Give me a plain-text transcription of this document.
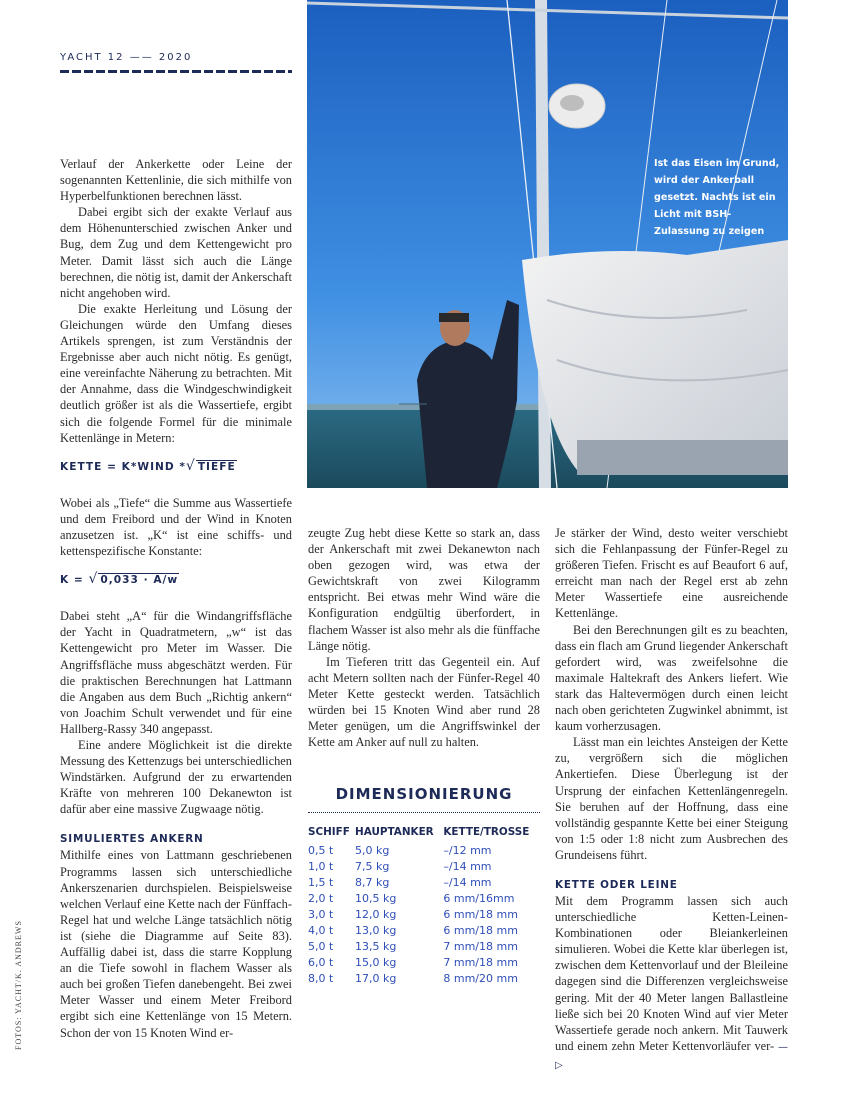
YACHT 12 —— 2020
Ist das Eisen im Grund, wird der Ankerball gesetzt. Nachts ist ein Licht mit BSH-Zulassung zu zeigen

Verlauf der Ankerkette oder Leine der sogenannten Kettenlinie, die sich mithilfe von Hyperbelfunktionen berechnen lässt.

Dabei ergibt sich der exakte Verlauf aus dem Höhenunterschied zwischen Anker und Bug, dem Zug und dem Kettengewicht pro Meter. Damit lässt sich auch die Länge berechnen, die nötig ist, damit der Ankerschaft nicht angehoben wird.

Die exakte Herleitung und Lösung der Gleichungen würde den Umfang dieses Artikels sprengen, ist zum Verständnis der Ergebnisse aber auch nicht nötig. Es genügt, eine vereinfachte Näherung zu betrachten. Mit der Annahme, dass die Windgeschwindigkeit deutlich größer ist als die Wassertiefe, ergibt sich die folgende Formel für die minimale Kettenlänge in Metern:

KETTE = K*WIND *√ TIEFE

Wobei als „Tiefe“ die Summe aus Wassertiefe und dem Freibord und der Wind in Knoten anzusetzen ist. „K“ ist eine schiffs- und kettenspezifische Konstante:

K = √ 0,033 · A/w

Dabei steht „A“ für die Windangriffsfläche der Yacht in Quadratmetern, „w“ ist das Kettengewicht pro Meter im Wasser. Die Angriffsfläche muss abgeschätzt werden. Für die praktischen Berechnungen hat Lattmann die Angaben aus dem Buch „Richtig ankern“ von Joachim Schult verwendet und für eine Hallberg-Rassy 340 angepasst.

Eine andere Möglichkeit ist die direkte Messung des Kettenzugs bei unterschiedlichen Windstärken. Aufgrund der zu erwartenden Kräfte von mehreren 100 Dekanewton ist dafür aber eine massive Zugwaage nötig.

SIMULIERTES ANKERN

Mithilfe eines von Lattmann geschriebenen Programms lassen sich unterschiedliche Ankerszenarien durchspielen. Beispielsweise welchen Verlauf eine Kette nach der Fünffach-Regel hat und welche Länge tatsächlich nötig ist (siehe die Diagramme auf Seite 83). Auffällig dabei ist, dass die starre Kopplung an die Tiefe sowohl in flachem Wasser als auch bei großen Tiefen danebengeht. Bei zwei Meter Wasser und einem Meter Freibord ergibt sich eine Kettenlänge von 15 Metern. Schon der von 15 Knoten Wind er-

zeugte Zug hebt diese Kette so stark an, dass der Ankerschaft mit zwei Dekanewton nach oben gezogen wird, was etwa der Gewichtskraft von zwei Kilogramm entspricht. Bei etwas mehr Wind wäre die Konfiguration endgültig überfordert, in flachem Wasser ist also mehr als die fünffache Länge nötig.

Im Tieferen tritt das Gegenteil ein. Auf acht Metern sollten nach der Fünfer-Regel 40 Meter Kette gesteckt werden. Tatsächlich würden bei 15 Knoten Wind aber rund 28 Meter genügen, um die Angriffswinkel der Kette am Anker auf null zu halten.

DIMENSIONIERUNG
SCHIFF	HAUPTANKER	KETTE/TROSSE
0,5 t	5,0 kg	–/12 mm
1,0 t	7,5 kg	–/14 mm
1,5 t	8,7 kg	–/14 mm
2,0 t	10,5 kg	6 mm/16mm
3,0 t	12,0 kg	6 mm/18 mm
4,0 t	13,0 kg	6 mm/18 mm
5,0 t	13,5 kg	7 mm/18 mm
6,0 t	15,0 kg	7 mm/18 mm
8,0 t	17,0 kg	8 mm/20 mm

Je stärker der Wind, desto weiter verschiebt sich die Fehlanpassung der Fünfer-Regel zu größeren Tiefen. Frischt es auf Beaufort 6 auf, erreicht man nach der Regel erst ab zehn Meter Wassertiefe eine ausreichende Kettenlänge.

Bei den Berechnungen gilt es zu beachten, dass ein flach am Grund liegender Ankerschaft gefordert wird, was zweifelsohne die maximale Haltekraft des Ankers liefert. Wie stark das Haltevermögen durch einen leicht nach oben gerichteten Zugwinkel abnimmt, ist kaum vorherzusagen.

Lässt man ein leichtes Ansteigen der Kette zu, vergrößern sich die möglichen Ankertiefen. Diese Überlegung ist der Ursprung der einfachen Kettenlängenregeln. Sie beruhen auf der Hoffnung, dass eine vollständig gespannte Kette bei einer Steigung von 1:5 oder 1:8 nicht zum Ausbrechen des Grundeisens führt.

KETTE ODER LEINE

Mit dem Programm lassen sich auch unterschiedliche Ketten-Leinen-Kombinationen oder Bleiankerleinen simulieren. Wobei die Kette klar überlegen ist, zwischen dem Kettenvorlauf und der Bleileine dagegen sind die Differenzen vergleichsweise gering. Mit der 40 Meter langen Ballastleine ließe sich bei 20 Knoten Wind auf vier Meter Wassertiefe gerade noch ankern. Mit Tauwerk und einem zehn Meter Kettenvorläufer ver- —▷

FOTOS: YACHT/K. ANDREWS
